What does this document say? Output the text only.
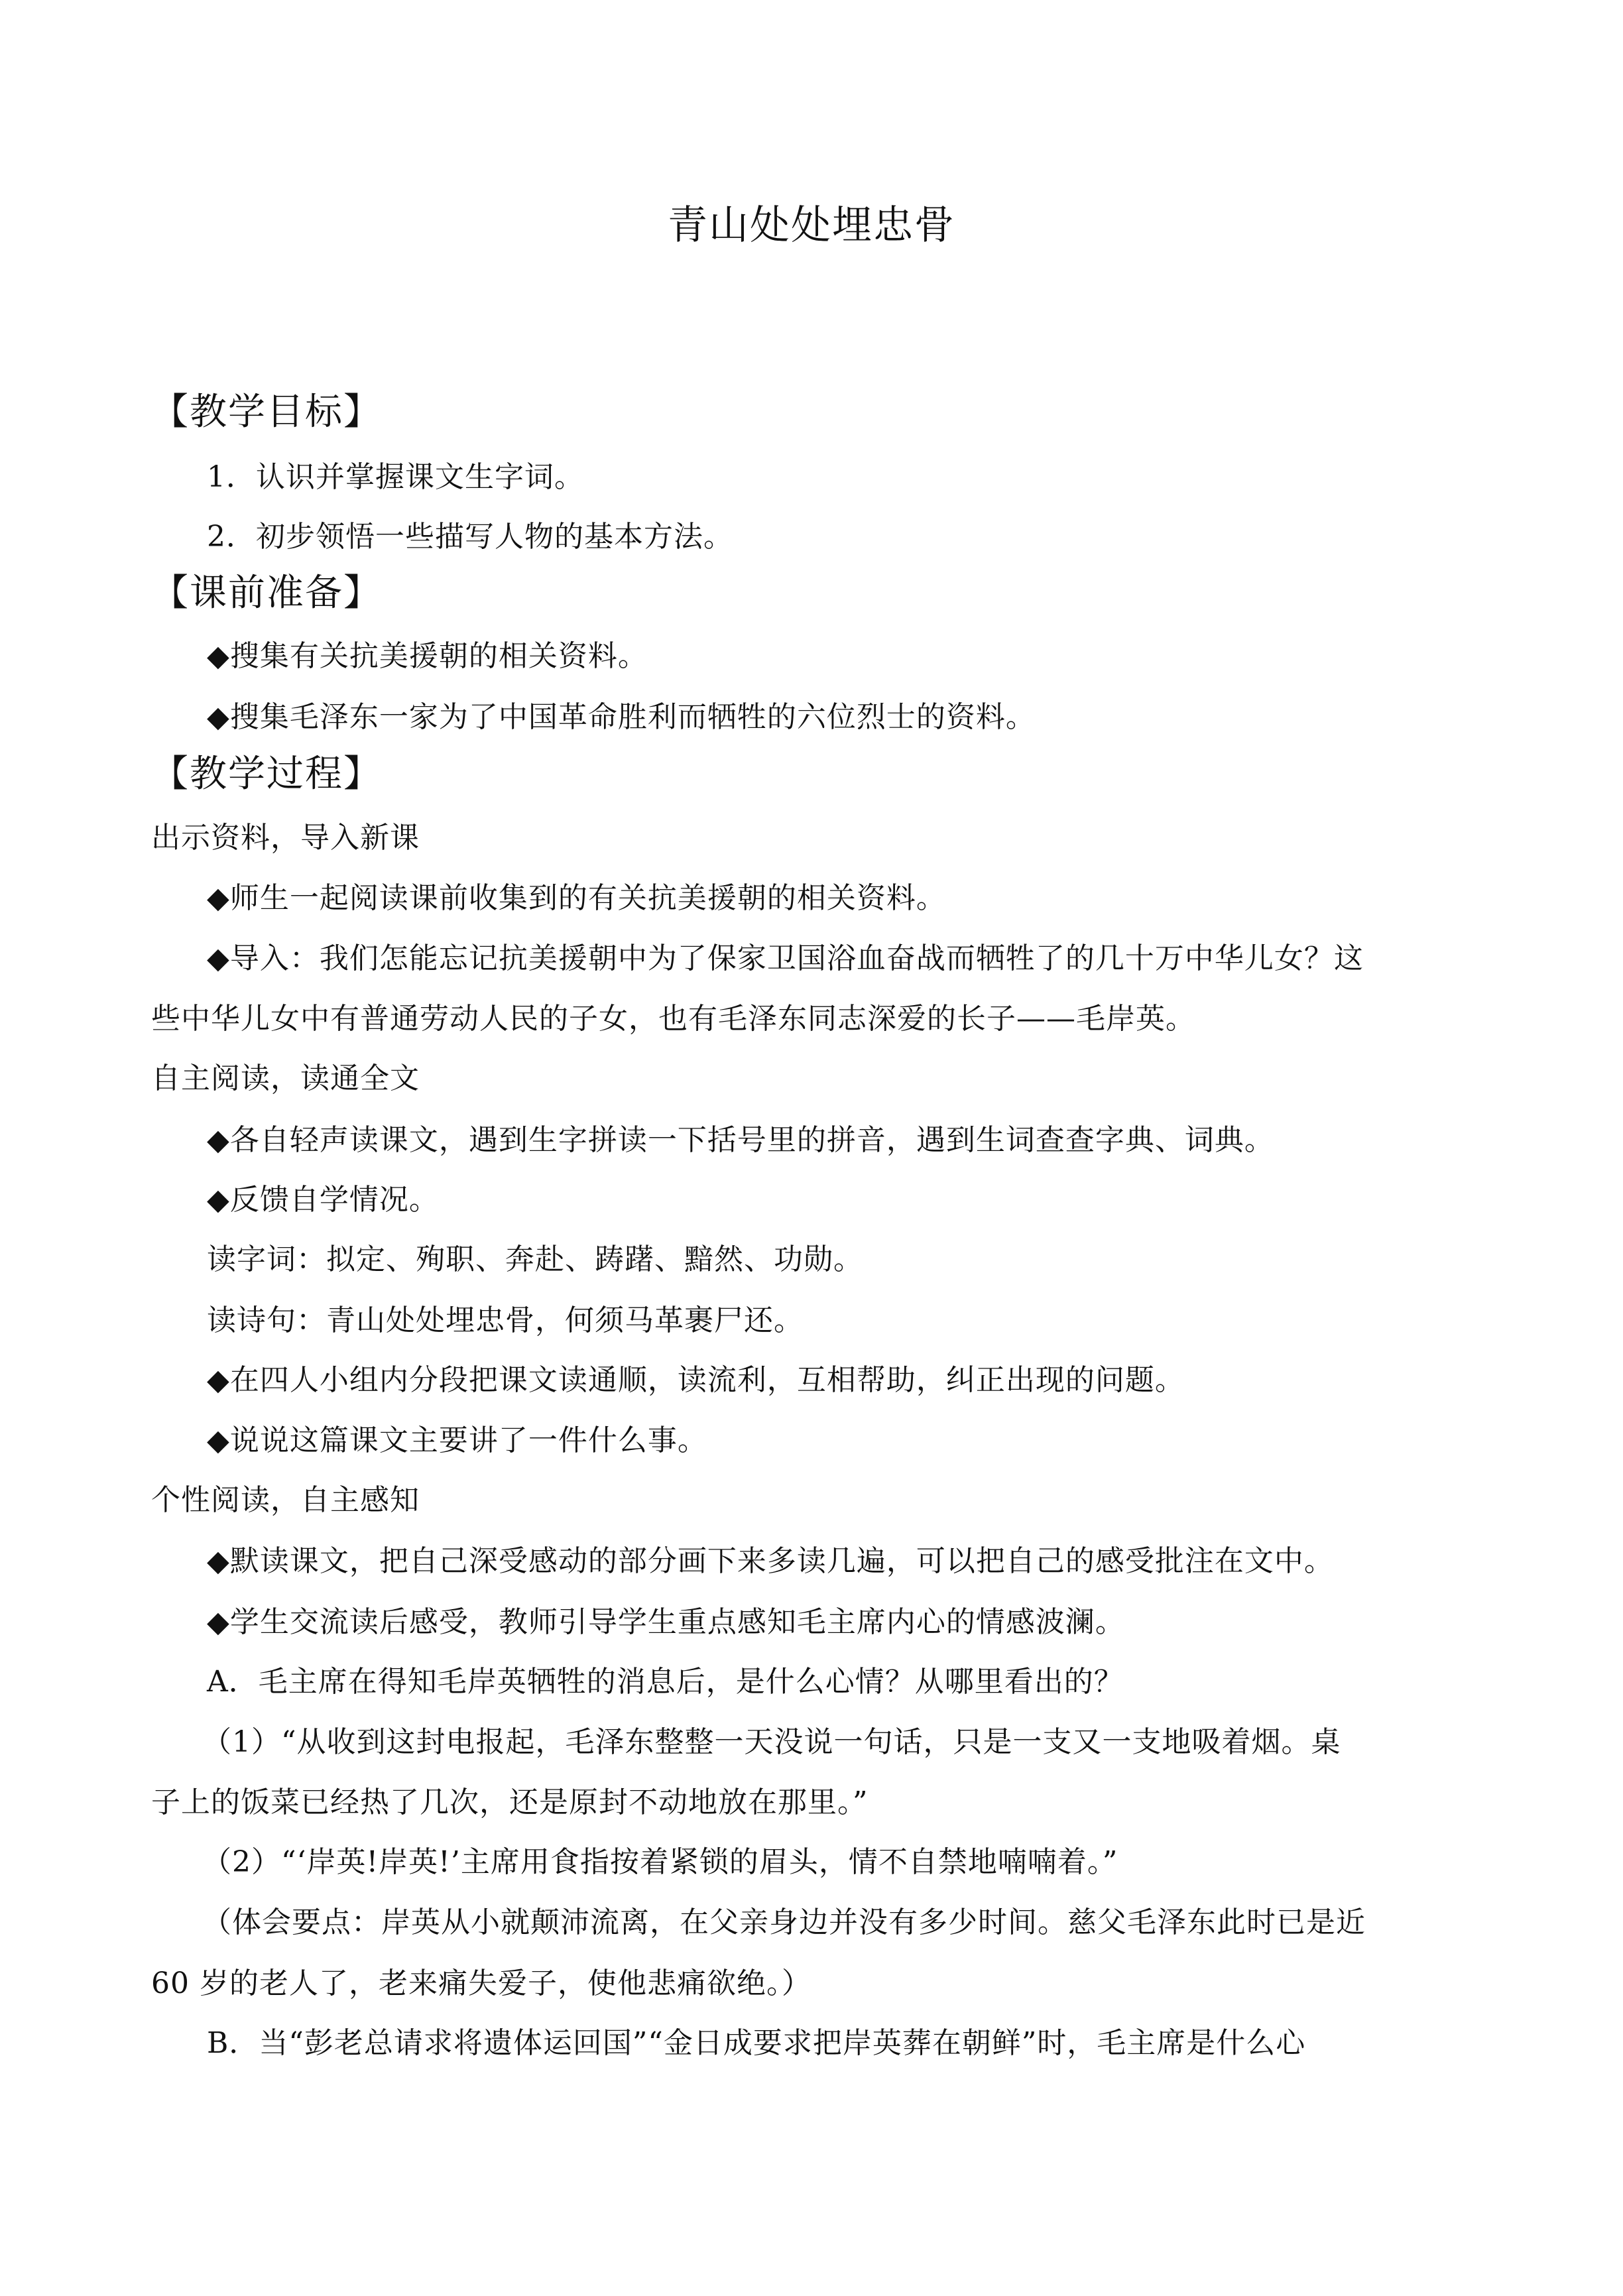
青山处处埋忠骨
【教学目标】
1．认识并掌握课文生字词。
2．初步领悟一些描写人物的基本方法。
【课前准备】
◆搜集有关抗美援朝的相关资料。
◆搜集毛泽东一家为了中国革命胜利而牺牲的六位烈士的资料。
【教学过程】
出示资料，导入新课
◆师生一起阅读课前收集到的有关抗美援朝的相关资料。
◆导入：我们怎能忘记抗美援朝中为了保家卫国浴血奋战而牺牲了的几十万中华儿女？这
些中华儿女中有普通劳动人民的子女，也有毛泽东同志深爱的长子——毛岸英。
自主阅读，读通全文
◆各自轻声读课文，遇到生字拼读一下括号里的拼音，遇到生词查查字典、词典。
◆反馈自学情况。
读字词：拟定、殉职、奔赴、踌躇、黯然、功勋。
读诗句：青山处处埋忠骨，何须马革裹尸还。
◆在四人小组内分段把课文读通顺，读流利，互相帮助，纠正出现的问题。
◆说说这篇课文主要讲了一件什么事。
个性阅读，自主感知
◆默读课文，把自己深受感动的部分画下来多读几遍，可以把自己的感受批注在文中。
◆学生交流读后感受，教师引导学生重点感知毛主席内心的情感波澜。
A．毛主席在得知毛岸英牺牲的消息后，是什么心情？从哪里看出的？
（1）“从收到这封电报起，毛泽东整整一天没说一句话，只是一支又一支地吸着烟。桌
子上的饭菜已经热了几次，还是原封不动地放在那里。”
（2）“‘岸英!岸英!’主席用食指按着紧锁的眉头，情不自禁地喃喃着。”
（体会要点：岸英从小就颠沛流离，在父亲身边并没有多少时间。慈父毛泽东此时已是近
60 岁的老人了，老来痛失爱子，使他悲痛欲绝。）
B．当“彭老总请求将遗体运回国”“金日成要求把岸英葬在朝鲜”时，毛主席是什么心
